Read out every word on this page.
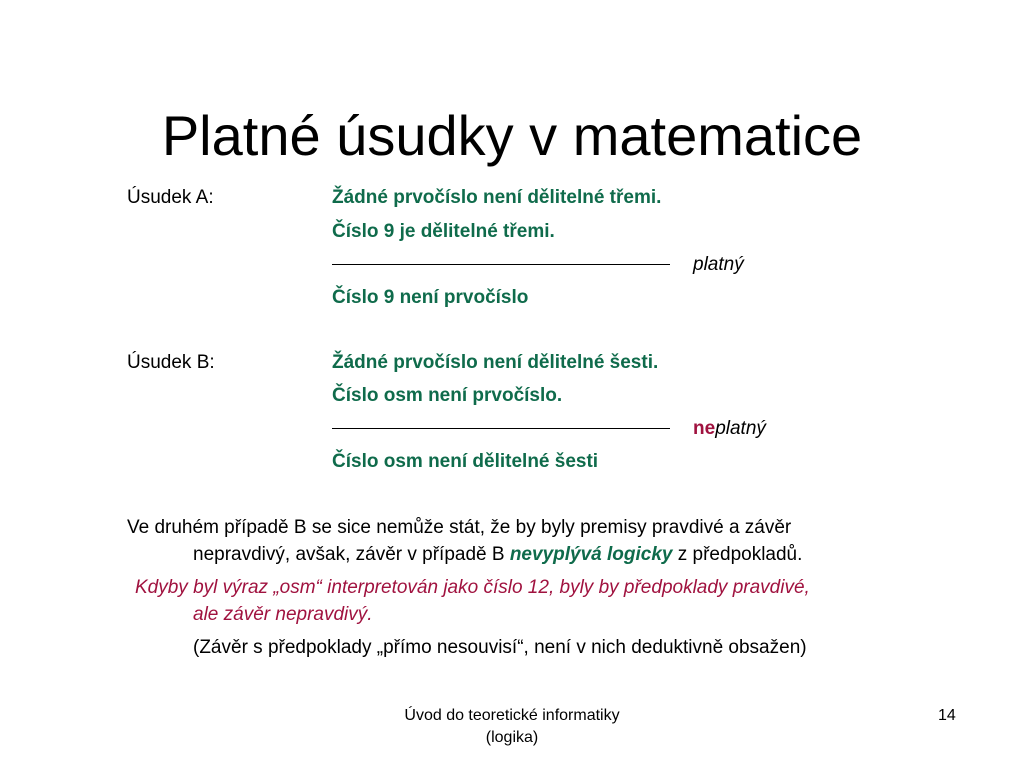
Platné úsudky v matematice
Úsudek A:	Žádné prvočíslo není dělitelné třemi.
Číslo 9 je dělitelné třemi.
platný
Číslo 9 není prvočíslo
Úsudek B:	Žádné prvočíslo není dělitelné šesti.
Číslo osm není prvočíslo.
neplatný
Číslo osm není dělitelné šesti
Ve druhém případě B se sice nemůže stát, že by byly premisy pravdivé a závěr
nepravdivý, avšak, závěr v případě B nevyplývá logicky z předpokladů.
Kdyby byl výraz „osm“ interpretován jako číslo 12, byly by předpoklady pravdivé,
ale závěr nepravdivý.
(Závěr s předpoklady „přímo nesouvisí“, není v nich deduktivně obsažen)
Úvod do teoretické informatiky
(logika)
14
